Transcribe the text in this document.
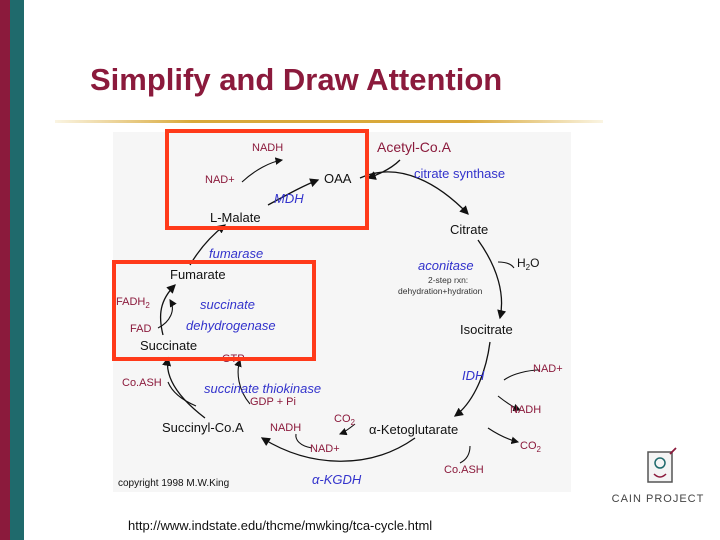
Simplify and Draw Attention
Acetyl-Co.A
OAA
Citrate
Isocitrate
α-Ketoglutarate
Succinyl-Co.A
Succinate
Fumarate
L-Malate
citrate synthase
aconitase
IDH
α-KGDH
succinate thiokinase
succinate
dehydrogenase
fumarase
MDH
2-step rxn:
dehydration+hydration
NADH
NAD+
NAD+
NADH
Co.ASH
NADH
NAD+
GDP + Pi
GTP
Co.ASH
FAD
$H_2O$
$CO_2$
$CO_2$
$FADH_2$
copyright 1998 M.W.King
http://www.indstate.edu/thcme/mwking/tca-cycle.html
CAIN PROJECT
